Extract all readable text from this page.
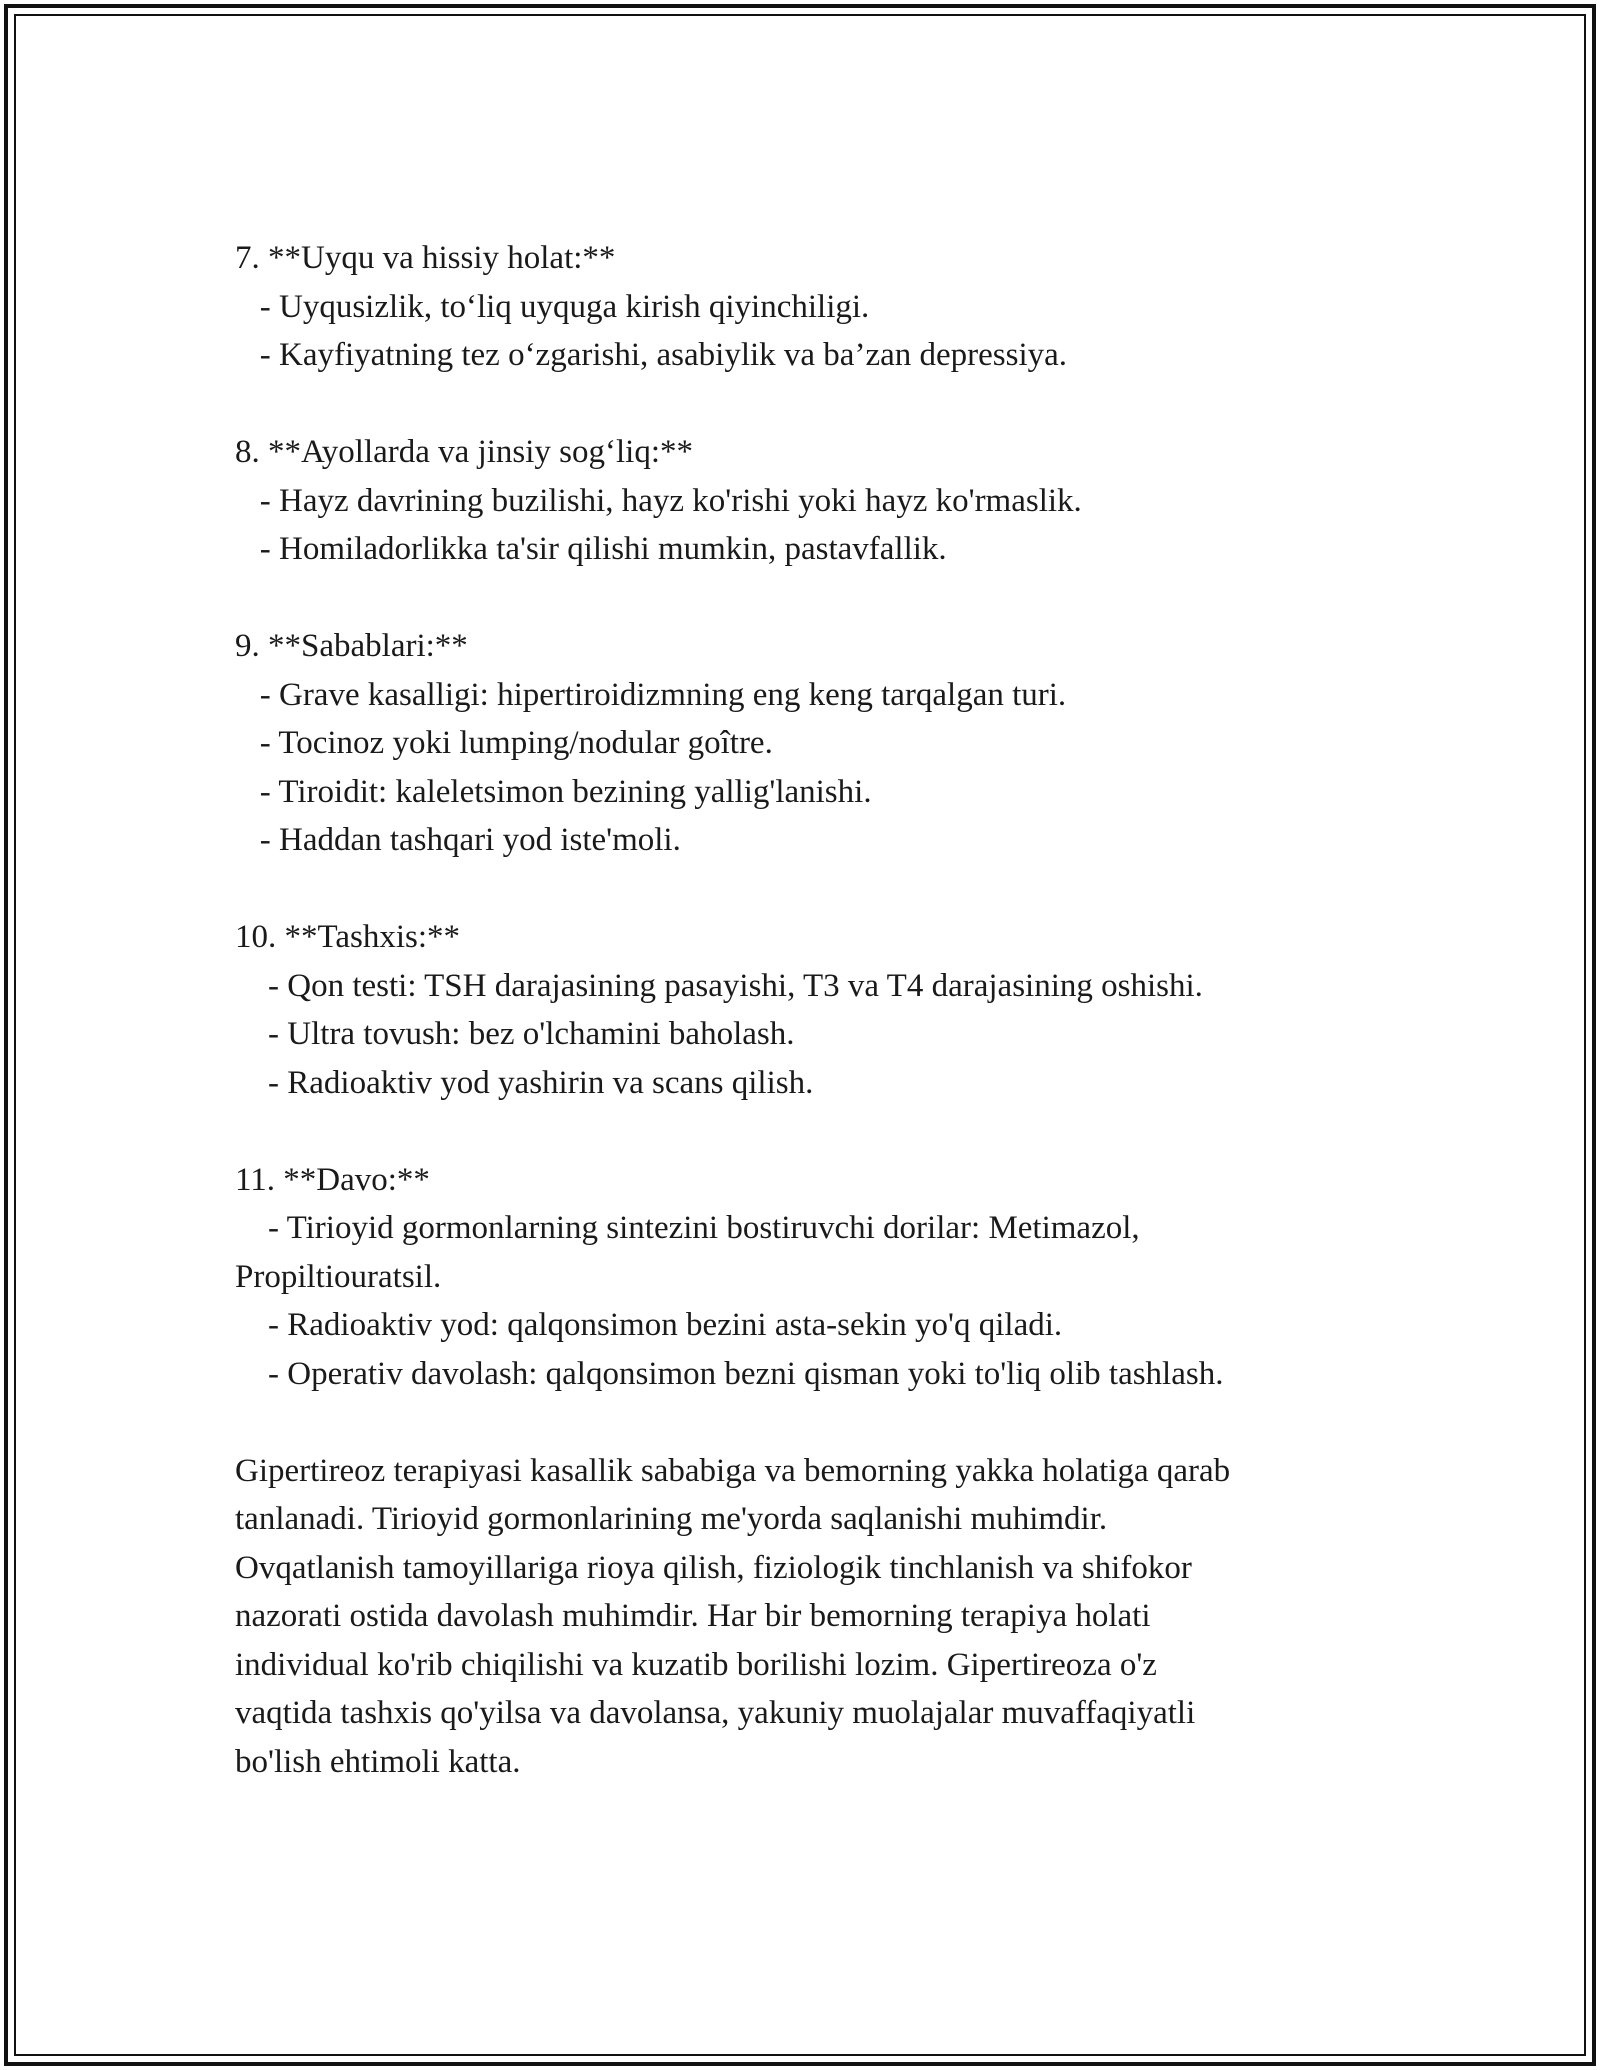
7. **Uyqu va hissiy holat:**
- Uyqusizlik, to‘liq uyquga kirish qiyinchiligi.
- Kayfiyatning tez o‘zgarishi, asabiylik va ba’zan depressiya.
8. **Ayollarda va jinsiy sog‘liq:**
- Hayz davrining buzilishi, hayz ko'rishi yoki hayz ko'rmaslik.
- Homiladorlikka ta'sir qilishi mumkin, pastavfallik.
9. **Sabablari:**
- Grave kasalligi: hipertiroidizmning eng keng tarqalgan turi.
- Tocinoz yoki lumping/nodular goître.
- Tiroidit: kaleletsimon bezining yallig'lanishi.
- Haddan tashqari yod iste'moli.
10. **Tashxis:**
- Qon testi: TSH darajasining pasayishi, T3 va T4 darajasining oshishi.
- Ultra tovush: bez o'lchamini baholash.
- Radioaktiv yod yashirin va scans qilish.
11. **Davo:**
- Tirioyid gormonlarning sintezini bostiruvchi dorilar: Metimazol,
Propiltiouratsil.
- Radioaktiv yod: qalqonsimon bezini asta-sekin yo'q qiladi.
- Operativ davolash: qalqonsimon bezni qisman yoki to'liq olib tashlash.
Gipertireoz terapiyasi kasallik sababiga va bemorning yakka holatiga qarab
tanlanadi. Tirioyid gormonlarining me'yorda saqlanishi muhimdir.
Ovqatlanish tamoyillariga rioya qilish, fiziologik tinchlanish va shifokor
nazorati ostida davolash muhimdir. Har bir bemorning terapiya holati
individual ko'rib chiqilishi va kuzatib borilishi lozim. Gipertireoza o'z
vaqtida tashxis qo'yilsa va davolansa, yakuniy muolajalar muvaffaqiyatli
bo'lish ehtimoli katta.
